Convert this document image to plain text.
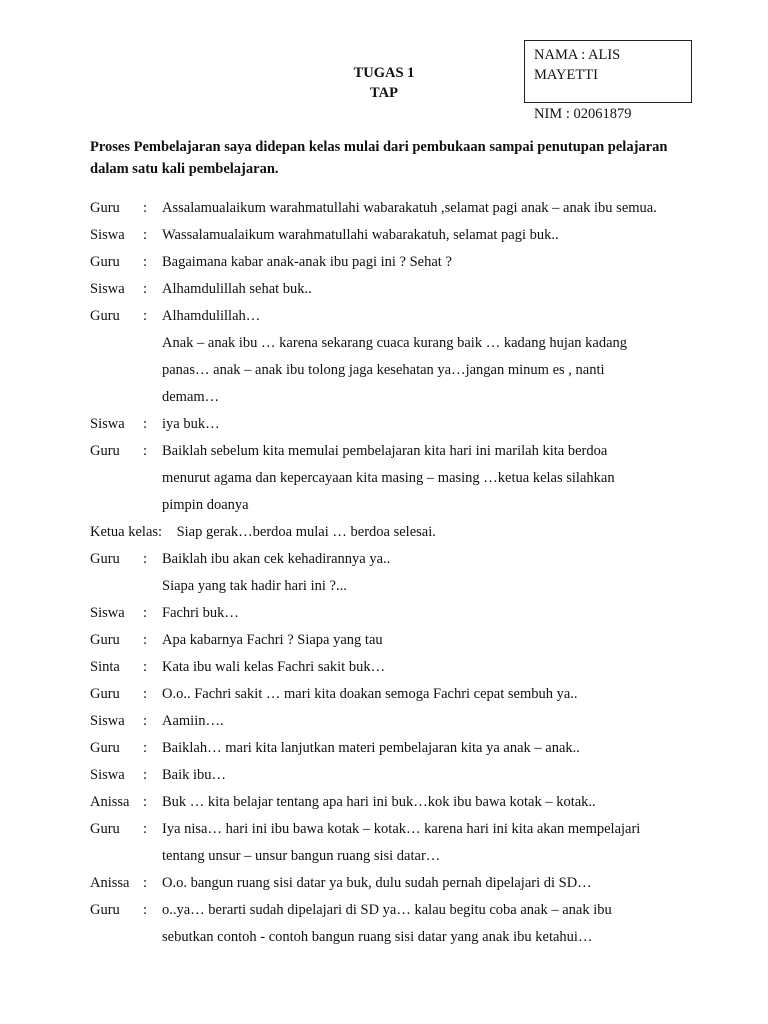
NAMA : ALIS MAYETTI
NIM : 02061879
TUGAS 1
TAP
Proses Pembelajaran saya didepan kelas mulai dari pembukaan sampai penutupan pelajaran dalam satu kali pembelajaran.
Guru	:	Assalamualaikum warahmatullahi wabarakatuh ,selamat pagi anak – anak ibu semua.
Siswa	:	Wassalamualaikum warahmatullahi wabarakatuh, selamat pagi buk..
Guru	:	Bagaimana kabar anak-anak ibu pagi ini ? Sehat ?
Siswa	:	Alhamdulillah sehat buk..
Guru	:	Alhamdulillah…
Anak – anak ibu … karena sekarang cuaca kurang baik … kadang hujan kadang
panas… anak – anak ibu tolong jaga kesehatan ya…jangan minum es , nanti
demam…
Siswa	:	iya buk…
Guru	:	Baiklah sebelum kita memulai pembelajaran kita hari ini marilah kita berdoa
menurut agama dan kepercayaan kita masing – masing …ketua kelas silahkan
pimpin doanya
Ketua kelas:    Siap gerak…berdoa mulai … berdoa selesai.
Guru	:	Baiklah ibu akan cek kehadirannya ya..
Siapa yang tak hadir hari ini ?...
Siswa	:	Fachri buk…
Guru	:	Apa kabarnya Fachri ? Siapa yang tau
Sinta	:	Kata ibu wali kelas Fachri sakit buk…
Guru	:	O.o.. Fachri sakit … mari kita doakan semoga Fachri cepat sembuh ya..
Siswa	:	Aamiin….
Guru	:	Baiklah… mari kita lanjutkan materi pembelajaran kita ya anak – anak..
Siswa	:	Baik ibu…
Anissa :	Buk … kita belajar tentang apa hari ini buk…kok ibu bawa kotak – kotak..
Guru	:	Iya nisa… hari ini ibu bawa kotak – kotak… karena hari ini kita akan mempelajari
tentang unsur – unsur bangun ruang sisi datar…
Anissa :	O.o. bangun ruang sisi datar ya buk, dulu sudah pernah dipelajari di SD…
Guru	:	o..ya… berarti sudah dipelajari di SD ya… kalau begitu coba anak – anak ibu
sebutkan contoh - contoh bangun ruang sisi datar yang anak ibu ketahui…
